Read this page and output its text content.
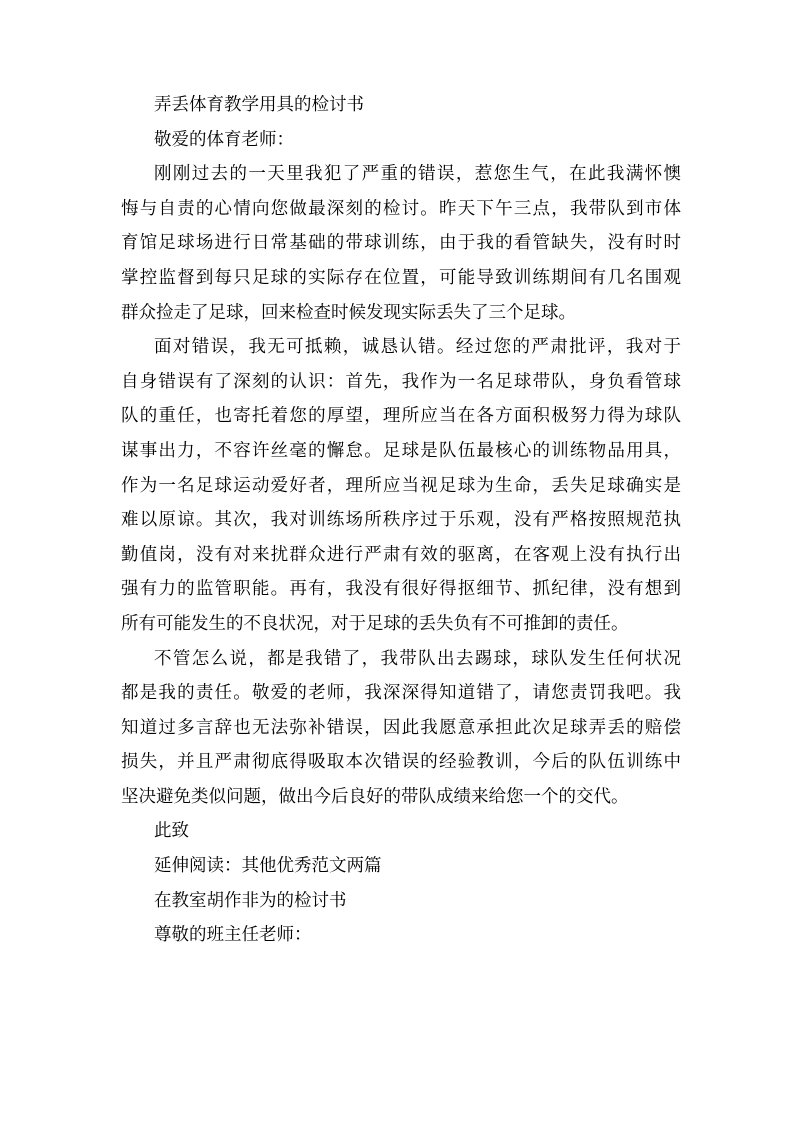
弄丢体育教学用具的检讨书
敬爱的体育老师：
刚刚过去的一天里我犯了严重的错误，惹您生气，在此我满怀懊
悔与自责的心情向您做最深刻的检讨。昨天下午三点，我带队到市体
育馆足球场进行日常基础的带球训练，由于我的看管缺失，没有时时
掌控监督到每只足球的实际存在位置，可能导致训练期间有几名围观
群众捡走了足球，回来检查时候发现实际丢失了三个足球。
面对错误，我无可抵赖，诚恳认错。经过您的严肃批评，我对于
自身错误有了深刻的认识：首先，我作为一名足球带队，身负看管球
队的重任，也寄托着您的厚望，理所应当在各方面积极努力得为球队
谋事出力，不容许丝毫的懈怠。足球是队伍最核心的训练物品用具，
作为一名足球运动爱好者，理所应当视足球为生命，丢失足球确实是
难以原谅。其次，我对训练场所秩序过于乐观，没有严格按照规范执
勤值岗，没有对来扰群众进行严肃有效的驱离，在客观上没有执行出
强有力的监管职能。再有，我没有很好得抠细节、抓纪律，没有想到
所有可能发生的不良状况，对于足球的丢失负有不可推卸的责任。
不管怎么说，都是我错了，我带队出去踢球，球队发生任何状况
都是我的责任。敬爱的老师，我深深得知道错了，请您责罚我吧。我
知道过多言辞也无法弥补错误，因此我愿意承担此次足球弄丢的赔偿
损失，并且严肃彻底得吸取本次错误的经验教训，今后的队伍训练中
坚决避免类似问题，做出今后良好的带队成绩来给您一个的交代。
此致
延伸阅读：其他优秀范文两篇
在教室胡作非为的检讨书
尊敬的班主任老师：
